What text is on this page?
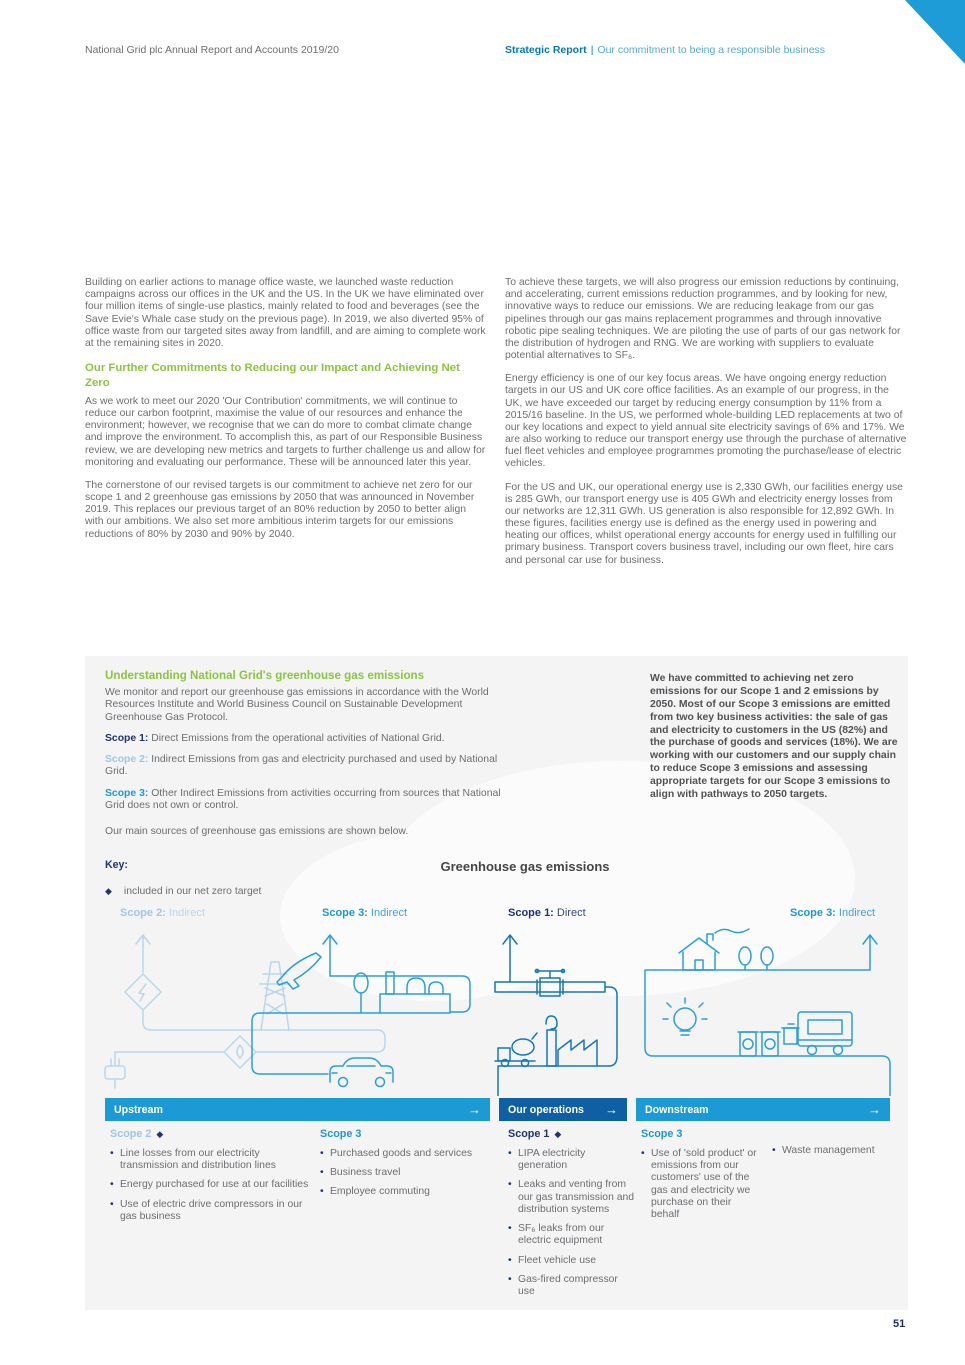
National Grid plc Annual Report and Accounts 2019/20	Strategic Report | Our commitment to being a responsible business

Building on earlier actions to manage office waste, we launched waste reduction campaigns across our offices in the UK and the US. In the UK we have eliminated over four million items of single-use plastics, mainly related to food and beverages (see the Save Evie's Whale case study on the previous page). In 2019, we also diverted 95% of office waste from our targeted sites away from landfill, and are aiming to complete work at the remaining sites in 2020.

Our Further Commitments to Reducing our Impact and Achieving Net Zero

As we work to meet our 2020 'Our Contribution' commitments, we will continue to reduce our carbon footprint, maximise the value of our resources and enhance the environment; however, we recognise that we can do more to combat climate change and improve the environment. To accomplish this, as part of our Responsible Business review, we are developing new metrics and targets to further challenge us and allow for monitoring and evaluating our performance. These will be announced later this year.

The cornerstone of our revised targets is our commitment to achieve net zero for our scope 1 and 2 greenhouse gas emissions by 2050 that was announced in November 2019. This replaces our previous target of an 80% reduction by 2050 to better align with our ambitions. We also set more ambitious interim targets for our emissions reductions of 80% by 2030 and 90% by 2040.

To achieve these targets, we will also progress our emission reductions by continuing, and accelerating, current emissions reduction programmes, and by looking for new, innovative ways to reduce our emissions. We are reducing leakage from our gas pipelines through our gas mains replacement programmes and through innovative robotic pipe sealing techniques. We are piloting the use of parts of our gas network for the distribution of hydrogen and RNG. We are working with suppliers to evaluate potential alternatives to SF₆.

Energy efficiency is one of our key focus areas. We have ongoing energy reduction targets in our US and UK core office facilities. As an example of our progress, in the UK, we have exceeded our target by reducing energy consumption by 11% from a 2015/16 baseline. In the US, we performed whole-building LED replacements at two of our key locations and expect to yield annual site electricity savings of 6% and 17%. We are also working to reduce our transport energy use through the purchase of alternative fuel fleet vehicles and employee programmes promoting the purchase/lease of electric vehicles.

For the US and UK, our operational energy use is 2,330 GWh, our facilities energy use is 285 GWh, our transport energy use is 405 GWh and electricity energy losses from our networks are 12,311 GWh. US generation is also responsible for 12,892 GWh. In these figures, facilities energy use is defined as the energy used in powering and heating our offices, whilst operational energy accounts for energy used in fulfilling our primary business. Transport covers business travel, including our own fleet, hire cars and personal car use for business.

Understanding National Grid's greenhouse gas emissions

We monitor and report our greenhouse gas emissions in accordance with the World Resources Institute and World Business Council on Sustainable Development Greenhouse Gas Protocol.

Scope 1: Direct Emissions from the operational activities of National Grid.

Scope 2: Indirect Emissions from gas and electricity purchased and used by National Grid.

Scope 3: Other Indirect Emissions from activities occurring from sources that National Grid does not own or control.

Our main sources of greenhouse gas emissions are shown below.

Key:
◆ included in our net zero target
We have committed to achieving net zero emissions for our Scope 1 and 2 emissions by 2050. Most of our Scope 3 emissions are emitted from two key business activities: the sale of gas and electricity to customers in the US (82%) and the purchase of goods and services (18%). We are working with our customers and our supply chain to reduce Scope 3 emissions and assessing appropriate targets for our Scope 3 emissions to align with pathways to 2050 targets.
Greenhouse gas emissions
Scope 2: Indirect	Scope 3: Indirect	Scope 1: Direct	Scope 3: Indirect
Upstream	→	Our operations →	Downstream	→
Scope 2 ◆
• Line losses from our electricity transmission and distribution lines
• Energy purchased for use at our facilities
• Use of electric drive compressors in our gas business
Scope 3
• Purchased goods and services
• Business travel
• Employee commuting
Scope 1 ◆
• LIPA electricity generation
• Leaks and venting from our gas transmission and distribution systems
• SF₆ leaks from our electric equipment
• Fleet vehicle use
• Gas-fired compressor use
Scope 3
• Use of 'sold product' or emissions from our customers' use of the gas and electricity we purchase on their behalf
• Waste management
51
